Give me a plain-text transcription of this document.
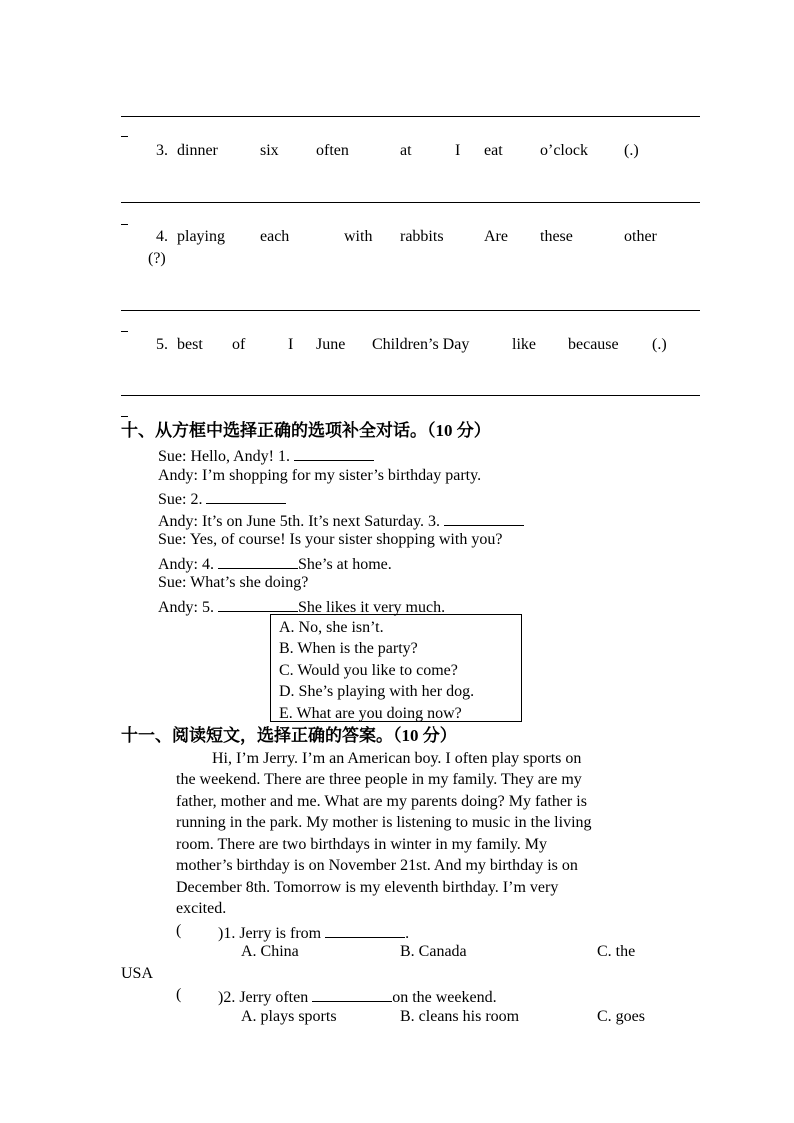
3. dinner	six often	at	I eat o’clock (.)
4. playing each	with rabbits	Are these	other
(?)
5. best of	I June Children’s Day	like because (.)
十、从方框中选择正确的选项补全对话。（10 分）
Sue: Hello, Andy! 1.
Andy: I’m shopping for my sister’s birthday party.
Sue: 2.
Andy: It’s on June 5th. It’s next Saturday. 3.
Sue: Yes, of course! Is your sister shopping with you?
Andy: 4.	She’s at home.
Sue: What’s she doing?
Andy: 5.	She likes it very much.
A. No, she isn’t.
B. When is the party?
C. Would you like to come?
D. She’s playing with her dog.
E. What are you doing now?
十一、阅读短文，选择正确的答案。（10 分）
Hi, I’m Jerry. I’m an American boy. I often play sports on
the weekend. There are three people in my family. They are my
father, mother and me. What are my parents doing? My father is
running in the park. My mother is listening to music in the living
room. There are two birthdays in winter in my family. My
mother’s birthday is on November 21st. And my birthday is on
December 8th. Tomorrow is my eleventh birthday. I’m very
excited.
( )1. Jerry is from	.
A. China	B. Canada	C. the
USA
( )2. Jerry often	on the weekend.
A. plays sports	B. cleans his room	C. goes
